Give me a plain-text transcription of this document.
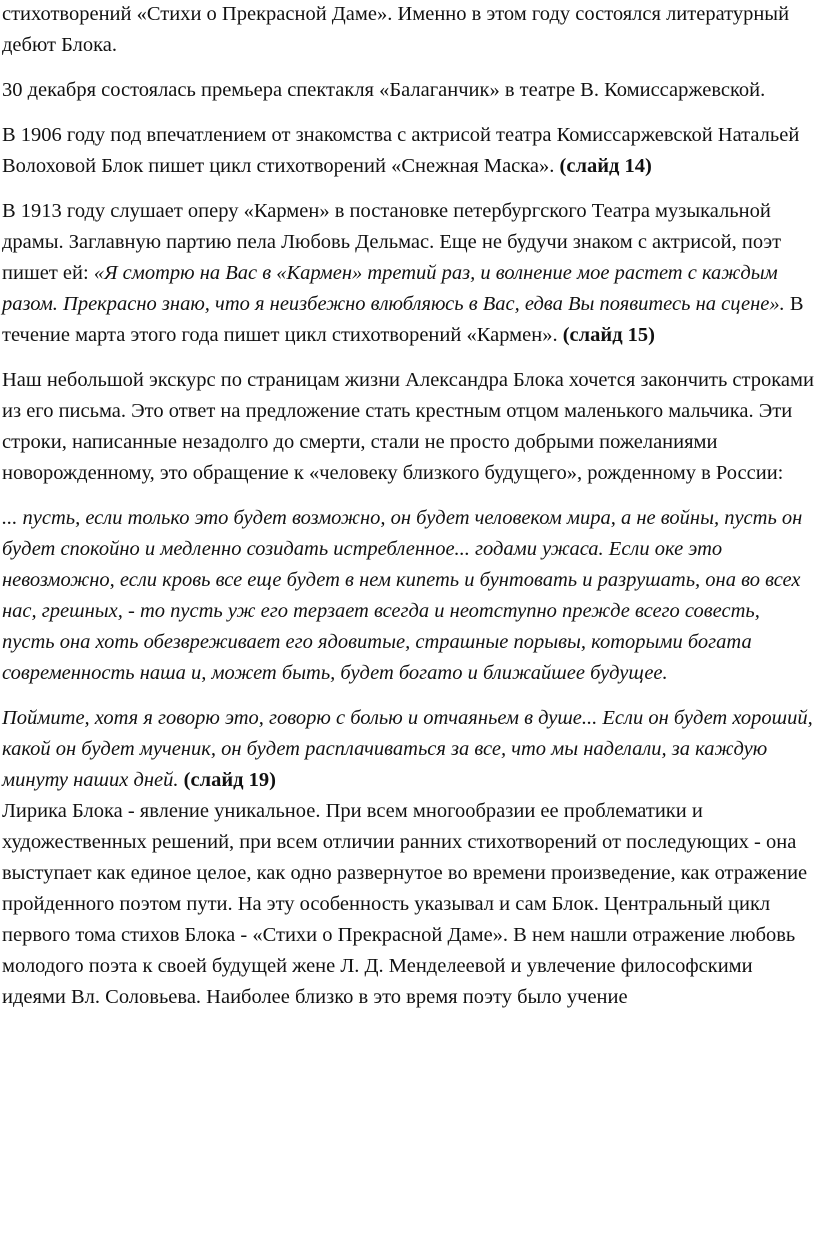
стихотворений «Стихи о Прекрасной Даме». Именно в этом году состоялся литературный дебют Блока.

30 декабря состоялась премьера спектакля «Балаганчик» в театре В. Комиссаржевской.

В 1906 году под впечатлением от знакомства с актрисой театра Комиссаржевской Натальей Волоховой Блок пишет цикл стихотворений «Снежная Маска». (слайд 14)

В 1913 году слушает оперу «Кармен» в постановке петербургского Театра музыкальной драмы. Заглавную партию пела Любовь Дельмас. Еще не будучи знаком с актрисой, поэт пишет ей: «Я смотрю на Вас в «Кармен» третий раз, и волнение мое растет с каждым разом. Прекрасно знаю, что я неизбежно влюбляюсь в Вас, едва Вы появитесь на сцене». В течение марта этого года пишет цикл стихотворений «Кармен». (слайд 15)

Наш небольшой экскурс по страницам жизни Александра Блока хочется закончить строками из его письма. Это ответ на предложение стать крестным отцом маленького мальчика. Эти строки, написанные незадолго до смерти, стали не просто добрыми пожеланиями новорожденному, это обращение к «человеку близкого будущего», рожденному в России:

... пусть, если только это будет возможно, он будет человеком мира, а не войны, пусть он будет спокойно и медленно созидать истребленное... годами ужаса. Если оке это невозможно, если кровь все еще будет в нем кипеть и бунтовать и разрушать, она во всех нас, грешных, - то пусть уж его терзает всегда и неотступно прежде всего совесть, пусть она хоть обезвреживает его ядовитые, страшные порывы, которыми богата современность наша и, может быть, будет богато и ближайшее будущее.

Поймите, хотя я говорю это, говорю с болью и отчаяньем в душе... Если он будет хороший, какой он будет мученик, он будет расплачиваться за все, что мы наделали, за каждую минуту наших дней. (слайд 19)

Лирика Блока - явление уникальное. При всем многообразии ее проблематики и художественных решений, при всем отличии ранних стихотворений от последующих - она выступает как единое целое, как одно развернутое во времени произведение, как отражение пройденного поэтом пути. На эту особенность указывал и сам Блок. Центральный цикл первого тома стихов Блока - «Стихи о Прекрасной Даме». В нем нашли отражение любовь молодого поэта к своей будущей жене Л. Д. Менделеевой и увлечение философскими идеями Вл. Соловьева. Наиболее близко в это время поэту было учение
